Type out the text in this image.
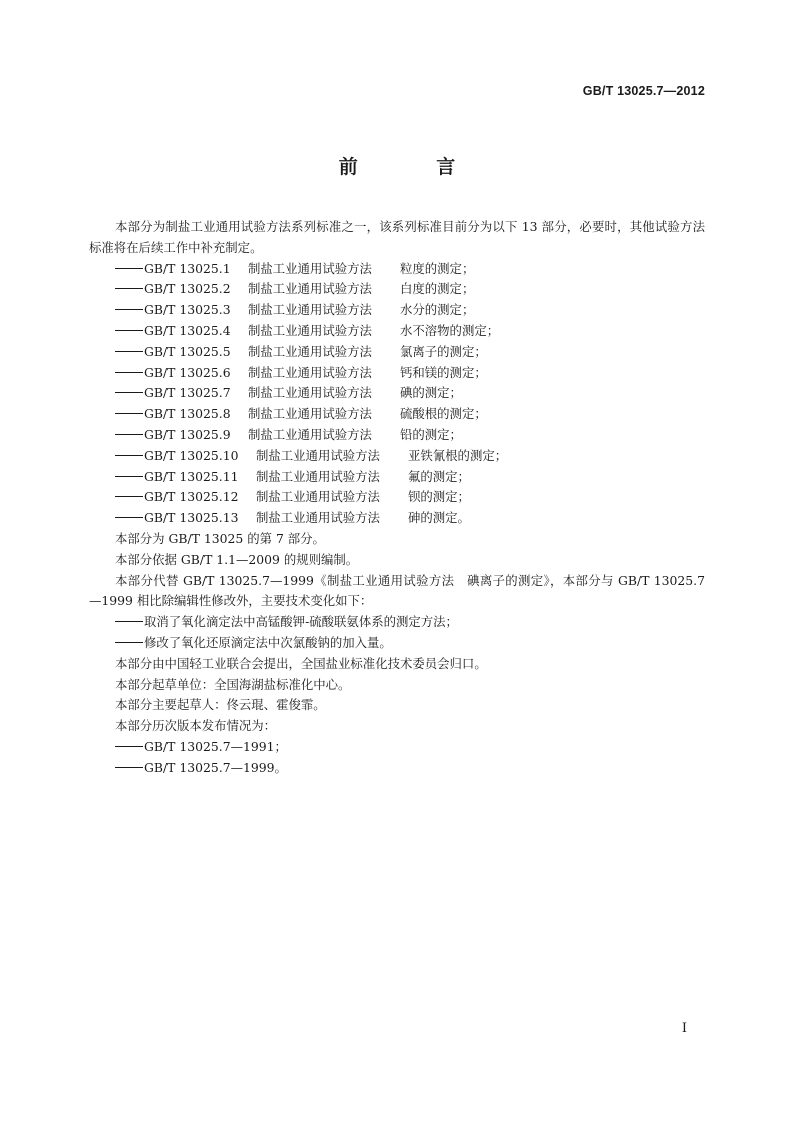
GB/T 13025.7—2012
前 言

本部分为制盐工业通用试验方法系列标准之一，该系列标准目前分为以下 13 部分，必要时，其他试验方法标准将在后续工作中补充制定。

GB/T 13025.1 制盐工业通用试验方法 粒度的测定；

GB/T 13025.2 制盐工业通用试验方法 白度的测定；

GB/T 13025.3 制盐工业通用试验方法 水分的测定；

GB/T 13025.4 制盐工业通用试验方法 水不溶物的测定；

GB/T 13025.5 制盐工业通用试验方法 氯离子的测定；

GB/T 13025.6 制盐工业通用试验方法 钙和镁的测定；

GB/T 13025.7 制盐工业通用试验方法 碘的测定；

GB/T 13025.8 制盐工业通用试验方法 硫酸根的测定；

GB/T 13025.9 制盐工业通用试验方法 铅的测定；

GB/T 13025.10 制盐工业通用试验方法 亚铁氰根的测定；

GB/T 13025.11 制盐工业通用试验方法 氟的测定；

GB/T 13025.12 制盐工业通用试验方法 钡的测定；

GB/T 13025.13 制盐工业通用试验方法 砷的测定。

本部分为 GB/T 13025 的第 7 部分。

本部分依据 GB/T 1.1—2009 的规则编制。

本部分代替 GB/T 13025.7—1999《制盐工业通用试验方法　碘离子的测定》，本部分与 GB/T 13025.7—1999 相比除编辑性修改外，主要技术变化如下：

取消了氧化滴定法中高锰酸钾-硫酸联氨体系的测定方法；

修改了氧化还原滴定法中次氯酸钠的加入量。

本部分由中国轻工业联合会提出，全国盐业标准化技术委员会归口。

本部分起草单位：全国海湖盐标准化中心。

本部分主要起草人：佟云琨、霍俊霏。

本部分历次版本发布情况为：

GB/T 13025.7—1991；

GB/T 13025.7—1999。

I
